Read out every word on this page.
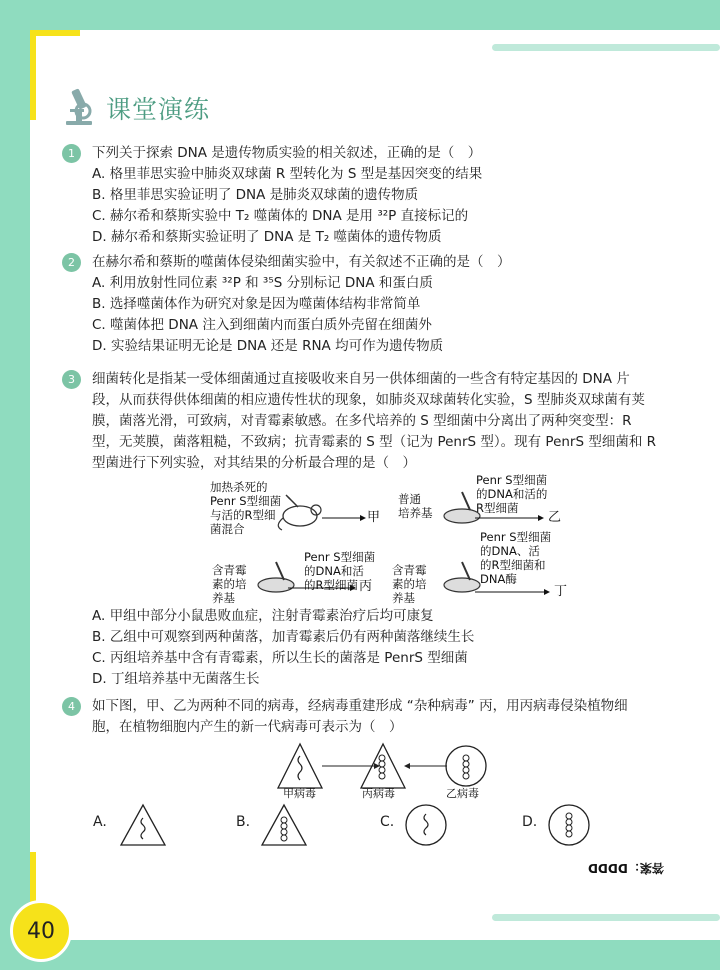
课堂演练
1	下列关于探索 DNA 是遗传物质实验的相关叙述，正确的是（　）
A. 格里菲思实验中肺炎双球菌 R 型转化为 S 型是基因突变的结果
B. 格里菲思实验证明了 DNA 是肺炎双球菌的遗传物质
C. 赫尔希和蔡斯实验中 T₂ 噬菌体的 DNA 是用 ³²P 直接标记的
D. 赫尔希和蔡斯实验证明了 DNA 是 T₂ 噬菌体的遗传物质
2	在赫尔希和蔡斯的噬菌体侵染细菌实验中，有关叙述不正确的是（　）
A. 利用放射性同位素 ³²P 和 ³⁵S 分别标记 DNA 和蛋白质
B. 选择噬菌体作为研究对象是因为噬菌体结构非常简单
C. 噬菌体把 DNA 注入到细菌内而蛋白质外壳留在细菌外
D. 实验结果证明无论是 DNA 还是 RNA 均可作为遗传物质
3	细菌转化是指某一受体细菌通过直接吸收来自另一供体细菌的一些含有特定基因的 DNA 片
段，从而获得供体细菌的相应遗传性状的现象，如肺炎双球菌转化实验，S 型肺炎双球菌有荚
膜，菌落光滑，可致病，对青霉素敏感。在多代培养的 S 型细菌中分离出了两种突变型：R
型，无荚膜，菌落粗糙，不致病；抗青霉素的 S 型（记为 PenrS 型）。现有 PenrS 型细菌和 R
型菌进行下列实验，对其结果的分析最合理的是（　）
加热杀死的
Penr S型细菌
与活的R型细
菌混合
甲
普通
培养基
Penr S型细菌
的DNA和活的
R型细菌
乙
含青霉
素的培
养基
Penr S型细菌
的DNA和活
的R型细菌 丙
含青霉
素的培
养基
Penr S型细菌
的DNA、活
的R型细菌和
DNA酶
丁
A. 甲组中部分小鼠患败血症，注射青霉素治疗后均可康复
B. 乙组中可观察到两种菌落，加青霉素后仍有两种菌落继续生长
C. 丙组培养基中含有青霉素，所以生长的菌落是 PenrS 型细菌
D. 丁组培养基中无菌落生长
4	如下图，甲、乙为两种不同的病毒，经病毒重建形成 “杂种病毒” 丙，用丙病毒侵染植物细
胞，在植物细胞内产生的新一代病毒可表示为（　）
甲病毒	丙病毒	乙病毒
A.	B.	C.	D.
答案：DDDD
40
